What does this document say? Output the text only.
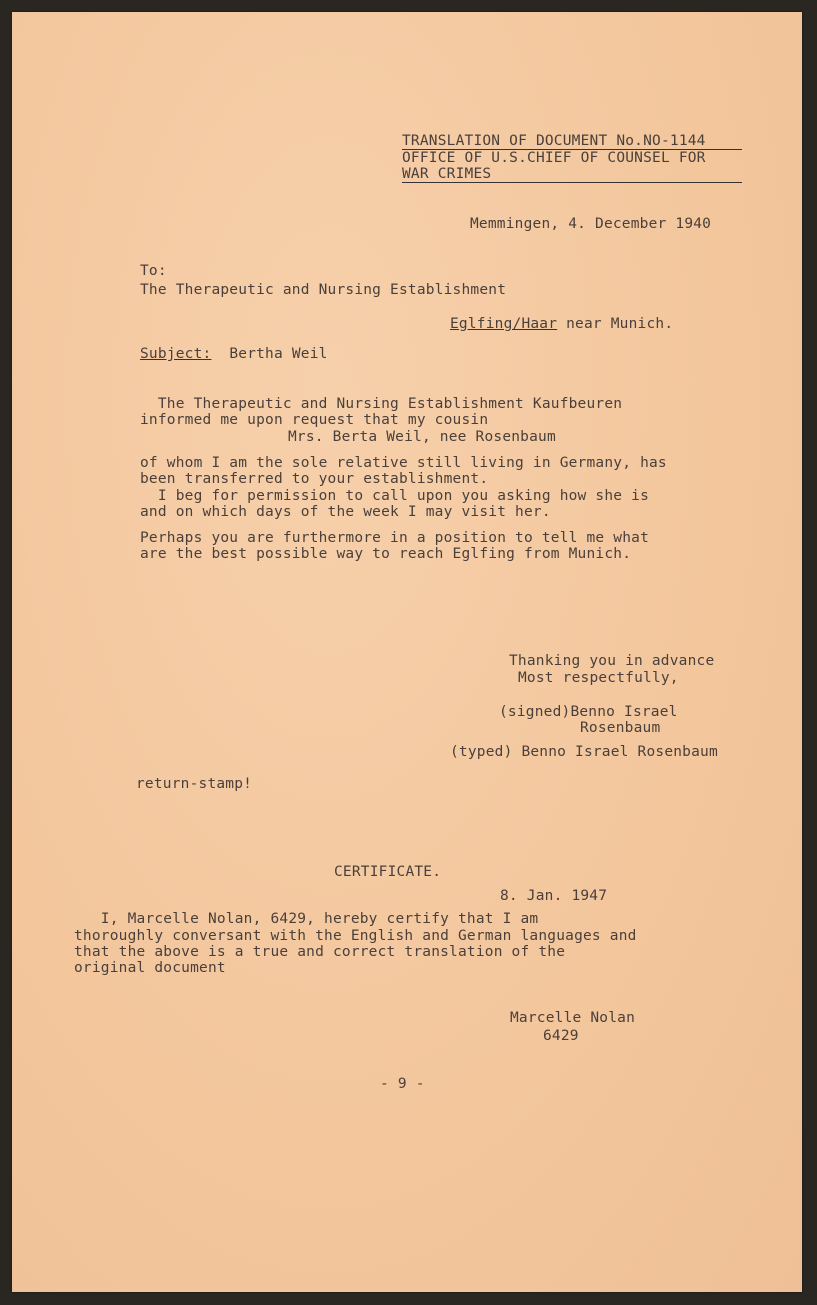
TRANSLATION OF DOCUMENT No.NO-1144
OFFICE OF U.S.CHIEF OF COUNSEL FOR
WAR CRIMES
Memmingen, 4. December 1940
To:
The Therapeutic and Nursing Establishment
Eglfing/Haar near Munich.
Subject: Bertha Weil
The Therapeutic and Nursing Establishment Kaufbeuren
informed me upon request that my cousin
Mrs. Berta Weil, nee Rosenbaum
of whom I am the sole relative still living in Germany, has
been transferred to your establishment.
I beg for permission to call upon you asking how she is
and on which days of the week I may visit her.
Perhaps you are furthermore in a position to tell me what
are the best possible way to reach Eglfing from Munich.
Thanking you in advance
Most respectfully,
(signed)Benno Israel
Rosenbaum
(typed) Benno Israel Rosenbaum
return-stamp!
CERTIFICATE.
8. Jan. 1947
I, Marcelle Nolan, 6429, hereby certify that I am
thoroughly conversant with the English and German languages and
that the above is a true and correct translation of the
original document
Marcelle Nolan
6429
- 9 -
